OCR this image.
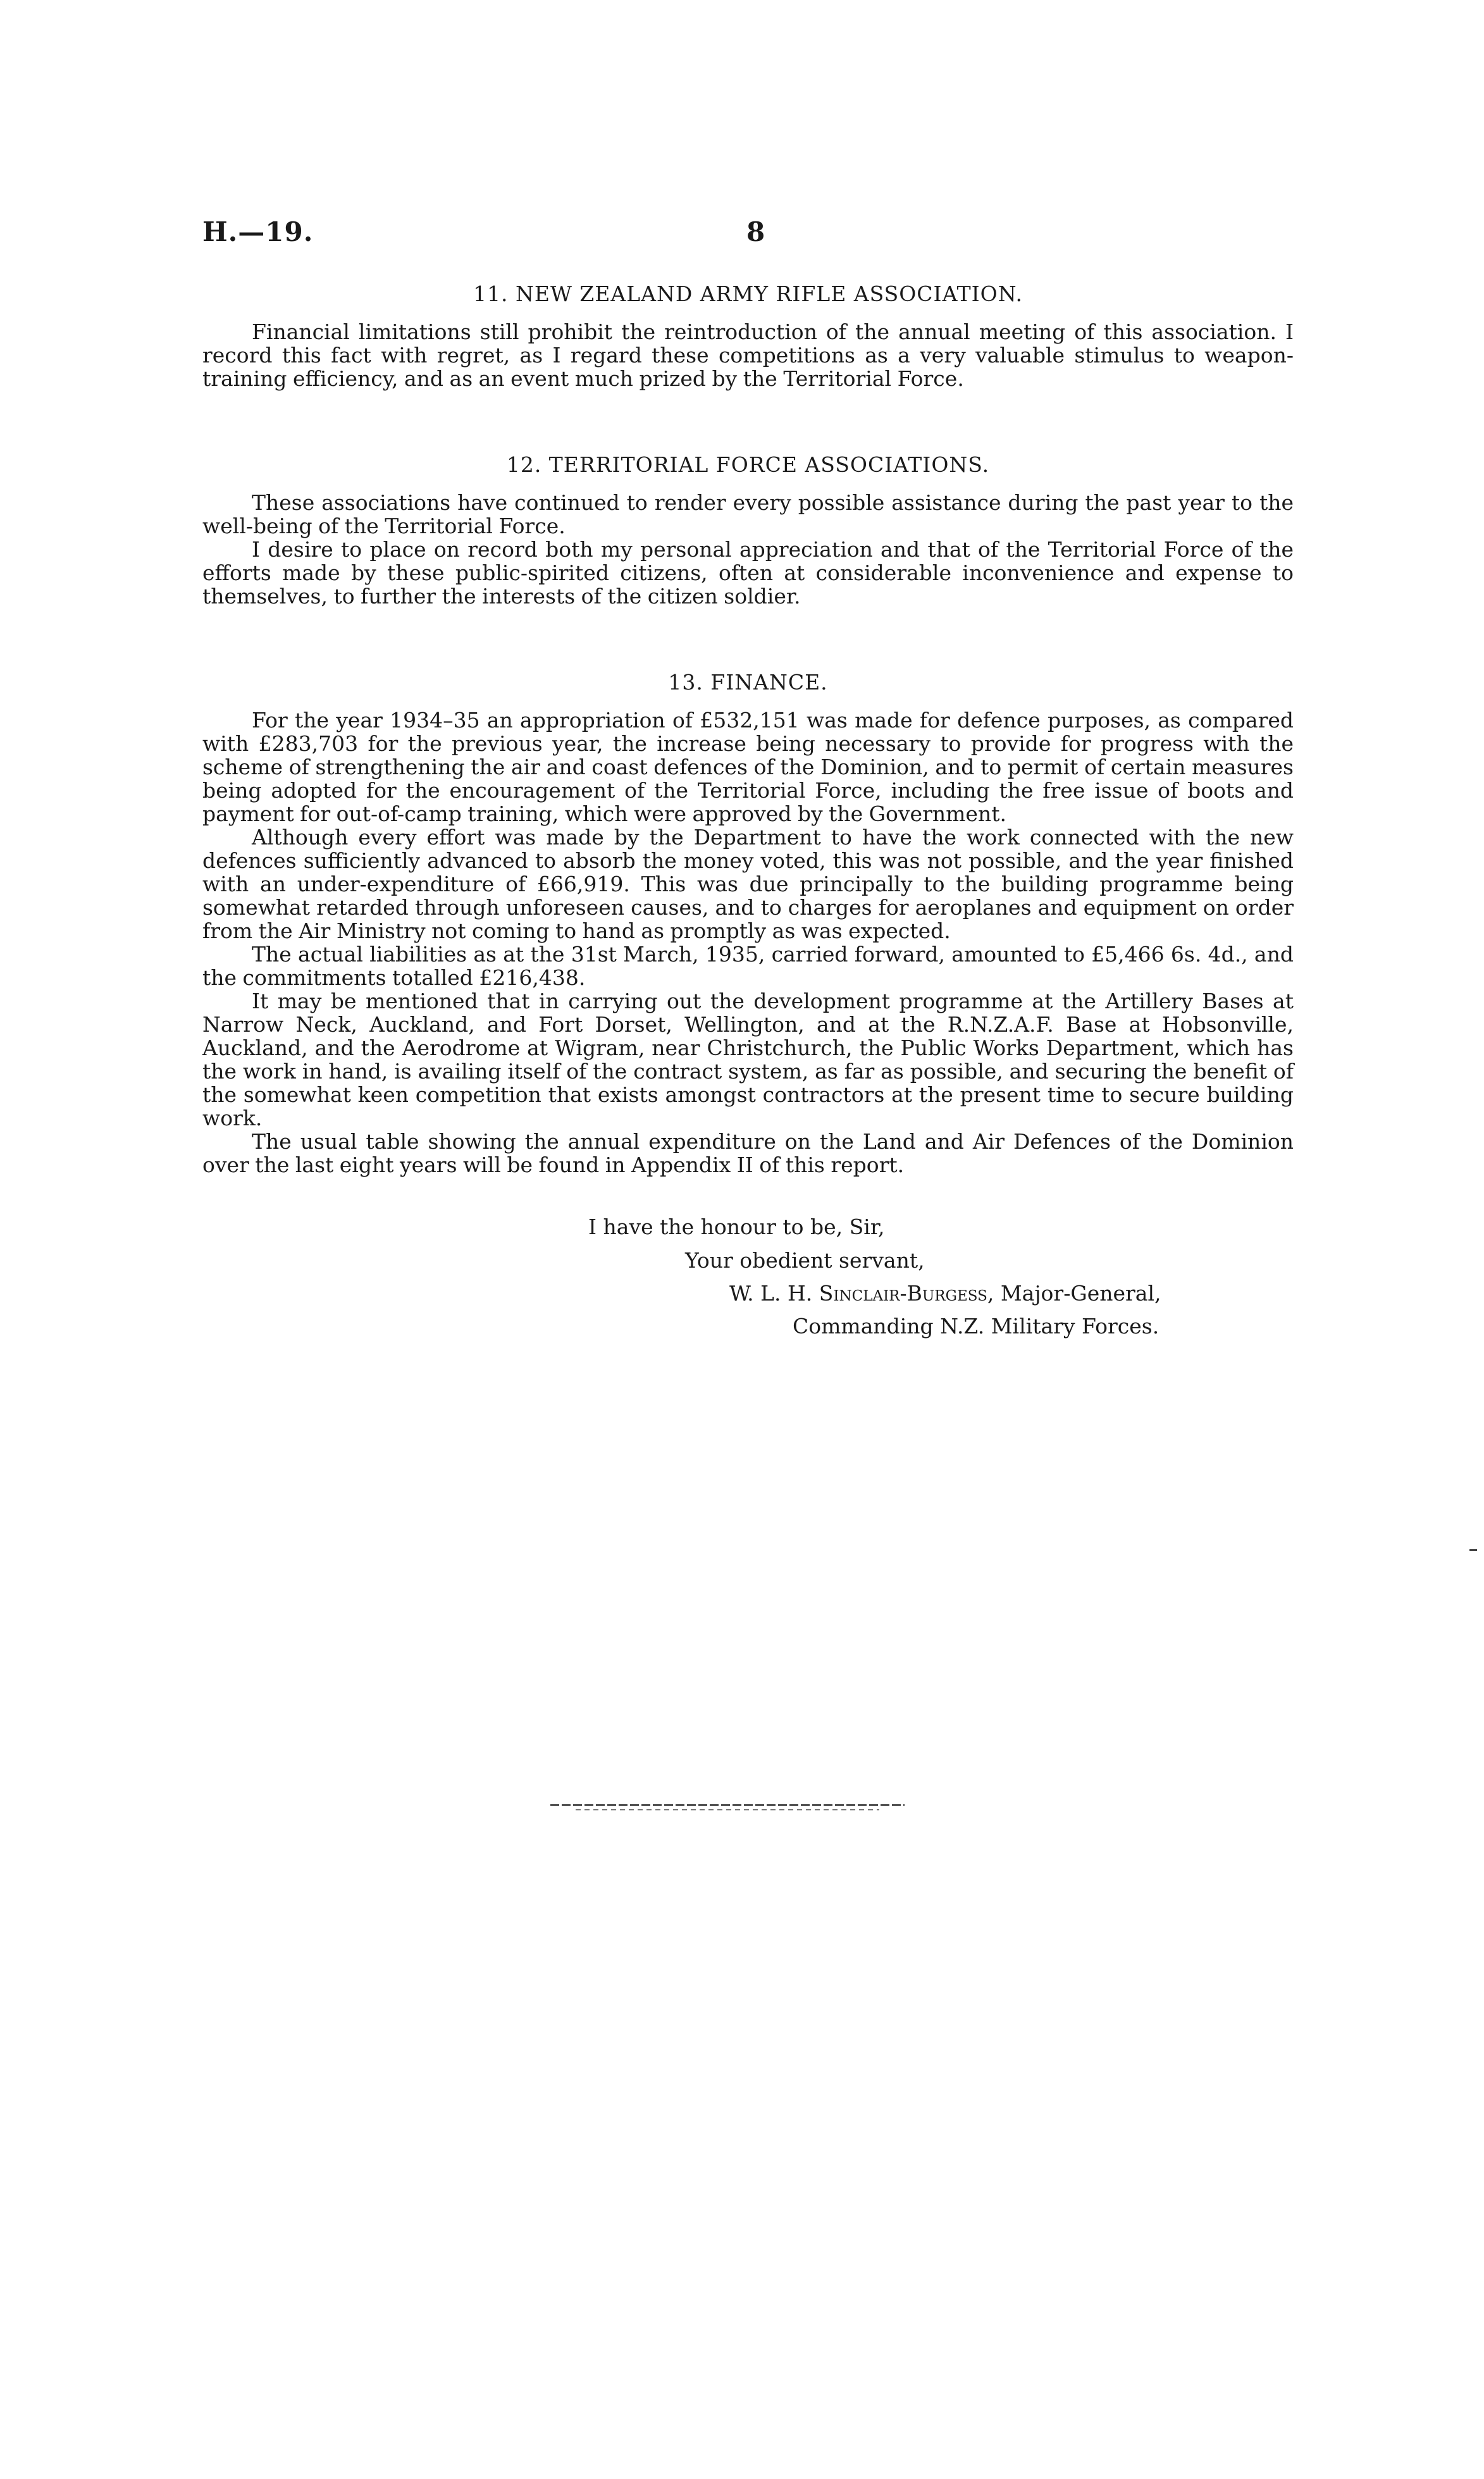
H.—19.	8
11. NEW ZEALAND ARMY RIFLE ASSOCIATION.

Financial limitations still prohibit the reintroduction of the annual meeting of this association. I record this fact with regret, as I regard these competitions as a very valuable stimulus to weapon-training efficiency, and as an event much prized by the Territorial Force.

12. TERRITORIAL FORCE ASSOCIATIONS.

These associations have continued to render every possible assistance during the past year to the well-being of the Territorial Force.

I desire to place on record both my personal appreciation and that of the Territorial Force of the efforts made by these public-spirited citizens, often at considerable inconvenience and expense to themselves, to further the interests of the citizen soldier.

13. FINANCE.

For the year 1934–35 an appropriation of £532,151 was made for defence purposes, as compared with £283,703 for the previous year, the increase being necessary to provide for progress with the scheme of strengthening the air and coast defences of the Dominion, and to permit of certain measures being adopted for the encouragement of the Territorial Force, including the free issue of boots and payment for out-of-camp training, which were approved by the Government.

Although every effort was made by the Department to have the work connected with the new defences sufficiently advanced to absorb the money voted, this was not possible, and the year finished with an under-expenditure of £66,919. This was due principally to the building programme being somewhat retarded through unforeseen causes, and to charges for aeroplanes and equipment on order from the Air Ministry not coming to hand as promptly as was expected.

The actual liabilities as at the 31st March, 1935, carried forward, amounted to £5,466 6s. 4d., and the commitments totalled £216,438.

It may be mentioned that in carrying out the development programme at the Artillery Bases at Narrow Neck, Auckland, and Fort Dorset, Wellington, and at the R.N.Z.A.F. Base at Hobsonville, Auckland, and the Aerodrome at Wigram, near Christchurch, the Public Works Department, which has the work in hand, is availing itself of the contract system, as far as possible, and securing the benefit of the somewhat keen competition that exists amongst contractors at the present time to secure building work.

The usual table showing the annual expenditure on the Land and Air Defences of the Dominion over the last eight years will be found in Appendix II of this report.

I have the honour to be, Sir,
Your obedient servant,
W. L. H. Sinclair-Burgess, Major-General,
Commanding N.Z. Military Forces.
